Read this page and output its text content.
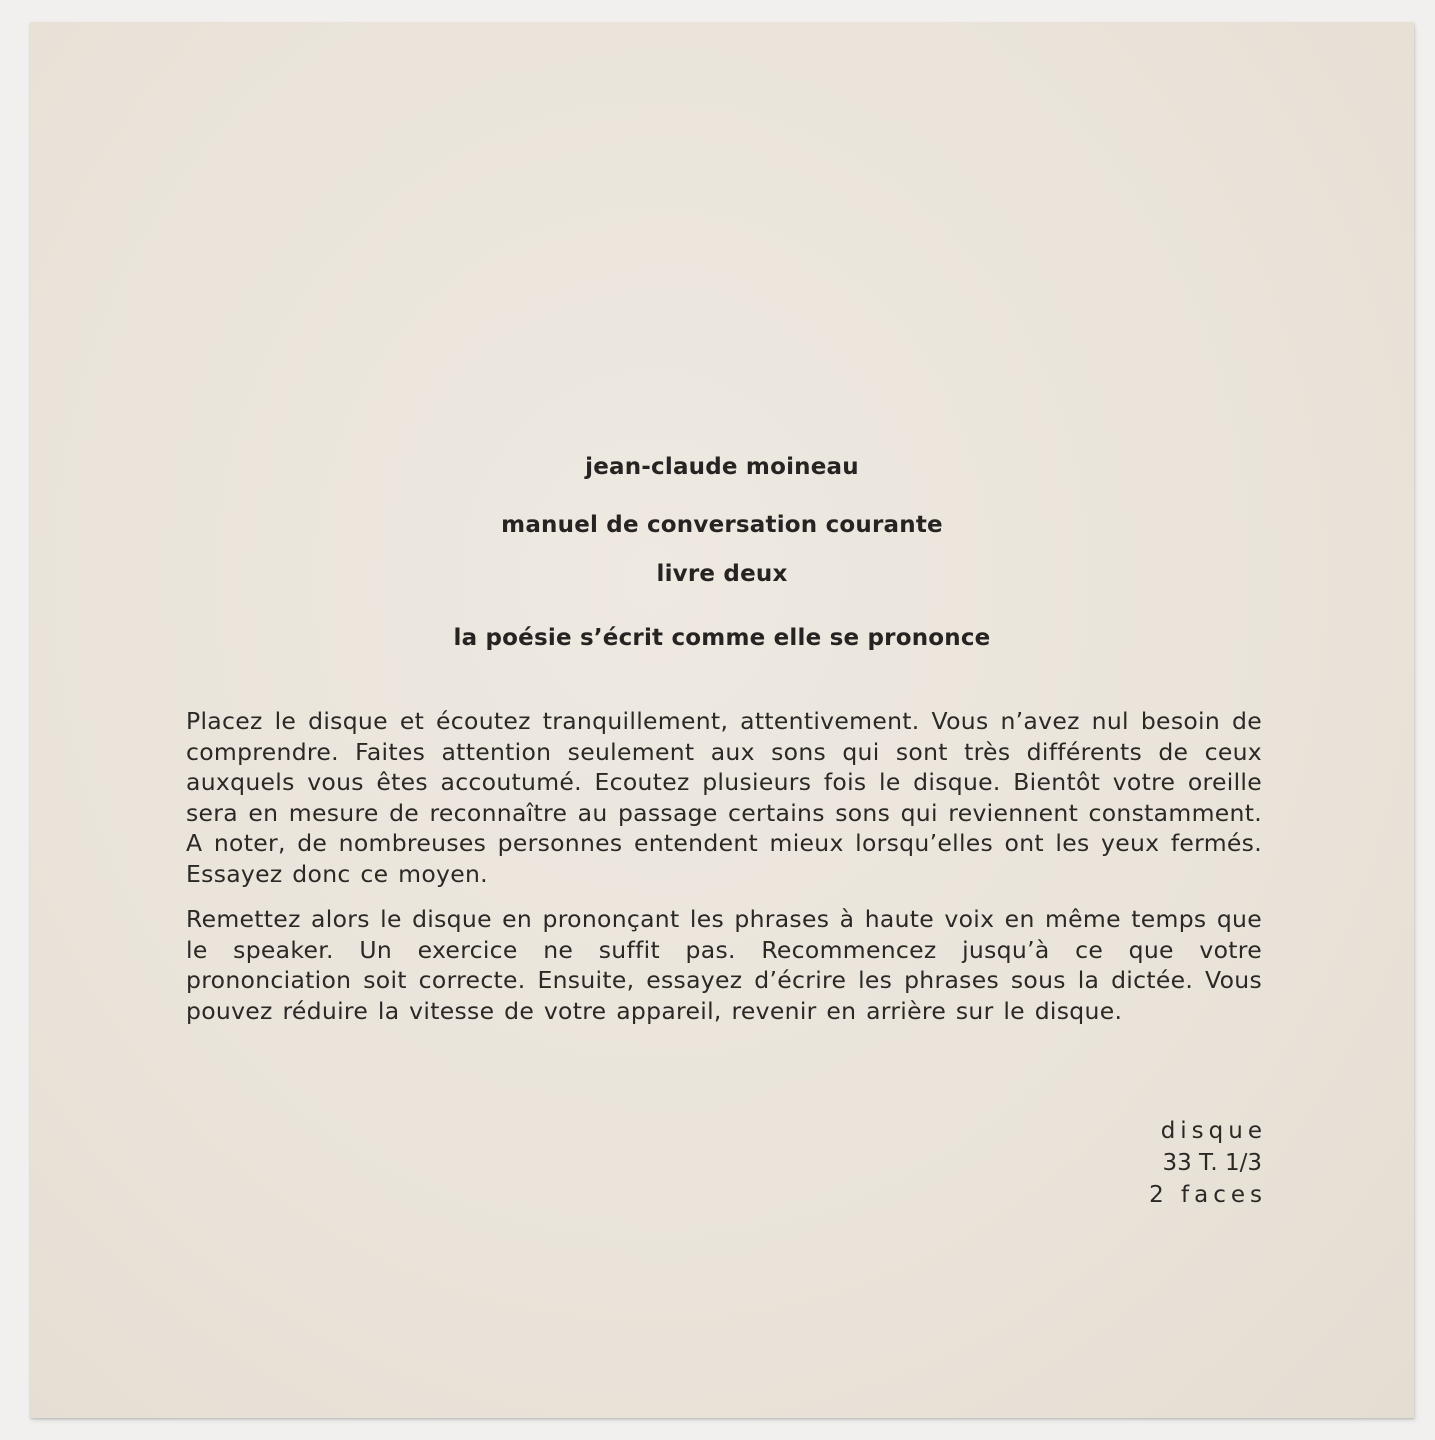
jean-claude moineau
manuel de conversation courante
livre deux
la poésie s’écrit comme elle se prononce

Placez le disque et écoutez tranquillement, attentivement. Vous n’avez nul besoin de comprendre. Faites attention seulement aux sons qui sont très différents de ceux auxquels vous êtes accoutumé. Ecoutez plusieurs fois le disque. Bientôt votre oreille sera en mesure de reconnaître au passage certains sons qui reviennent constamment. A noter, de nombreuses personnes entendent mieux lorsqu’elles ont les yeux fermés. Essayez donc ce moyen.

Remettez alors le disque en prononçant les phrases à haute voix en même temps que le speaker. Un exercice ne suffit pas. Recommencez jusqu’à ce que votre prononciation soit correcte. Ensuite, essayez d’écrire les phrases sous la dictée. Vous pouvez réduire la vitesse de votre appareil, revenir en arrière sur le disque.

disque
33 T. 1/3
2 faces
